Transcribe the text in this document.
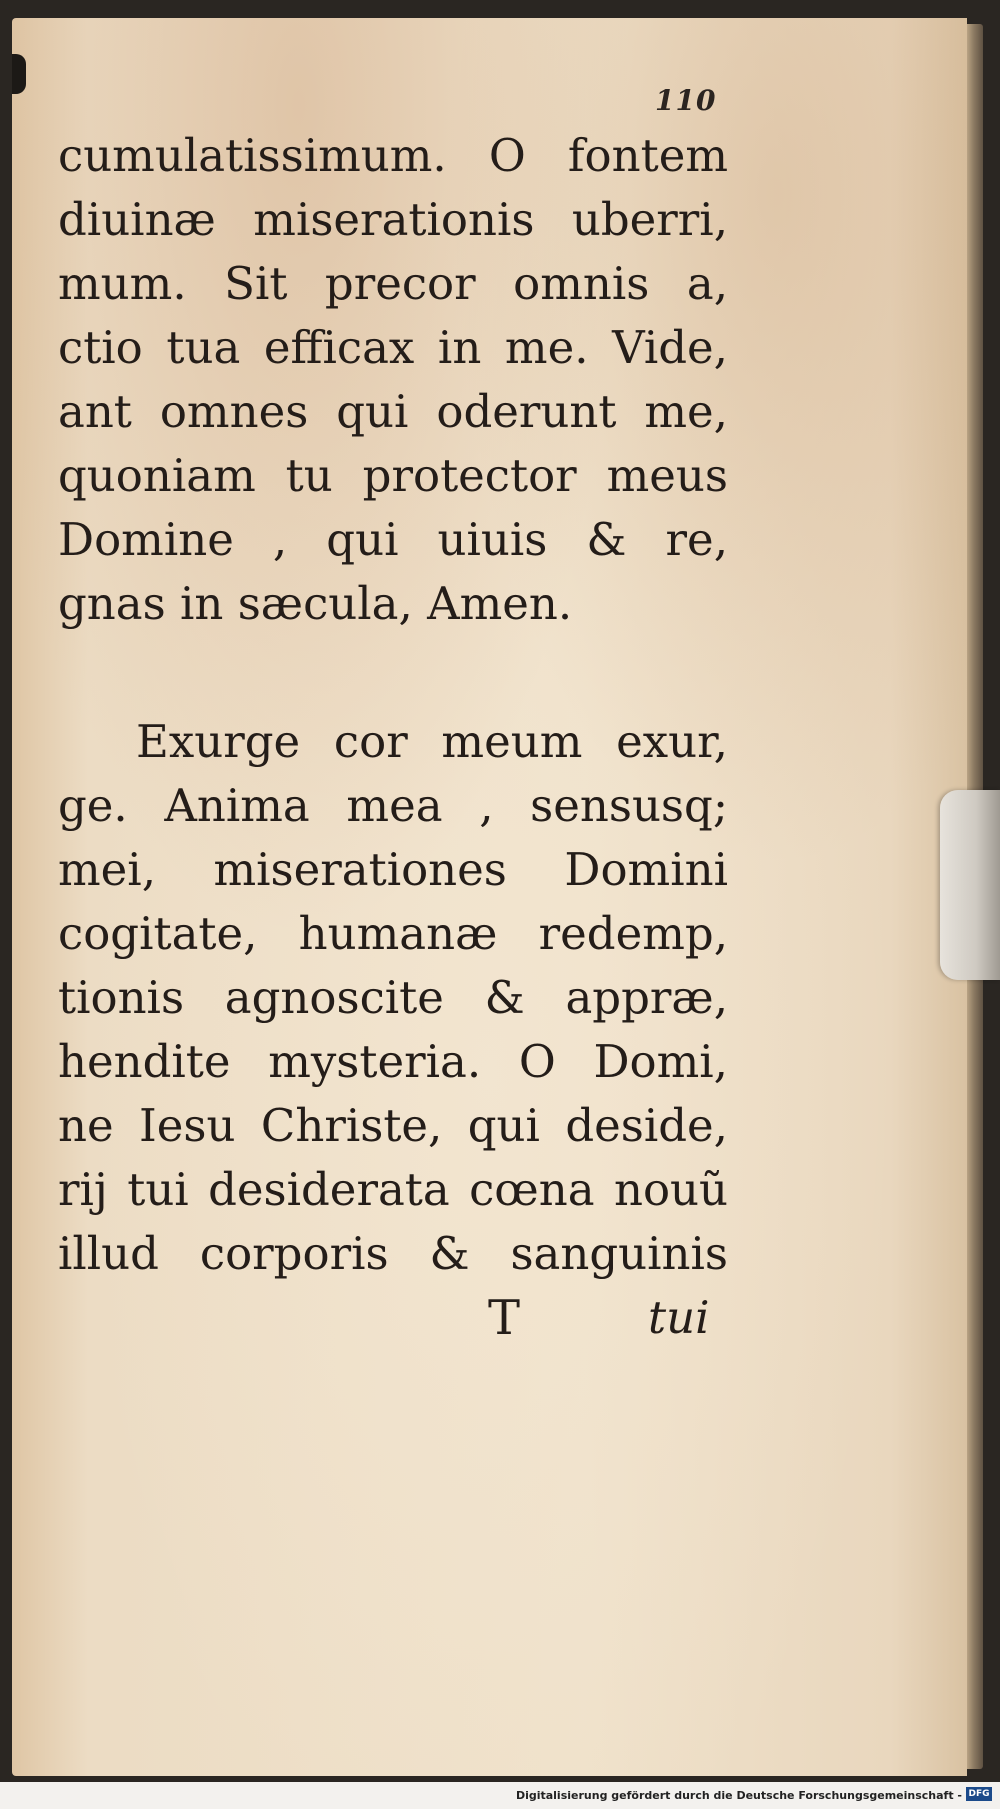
110
cumulatissimum. O fontem
diuinæ miserationis uberri,
mum. Sit precor omnis a,
ctio tua efficax in me. Vide,
ant omnes qui oderunt me,
quoniam tu protector meus
Domine , qui uiuis & re,
gnas in sæcula, Amen.
Exurge cor meum exur,
ge. Anima mea , sensusq;
mei, miserationes Domini
cogitate, humanæ redemp,
tionis agnoscite & appræ,
hendite mysteria. O Domi,
ne Iesu Christe, qui deside,
rij tui desiderata cœna nouũ
illud corporis & sanguinis
T	tui
Digitalisierung gefördert durch die Deutsche Forschungsgemeinschaft - DFG
